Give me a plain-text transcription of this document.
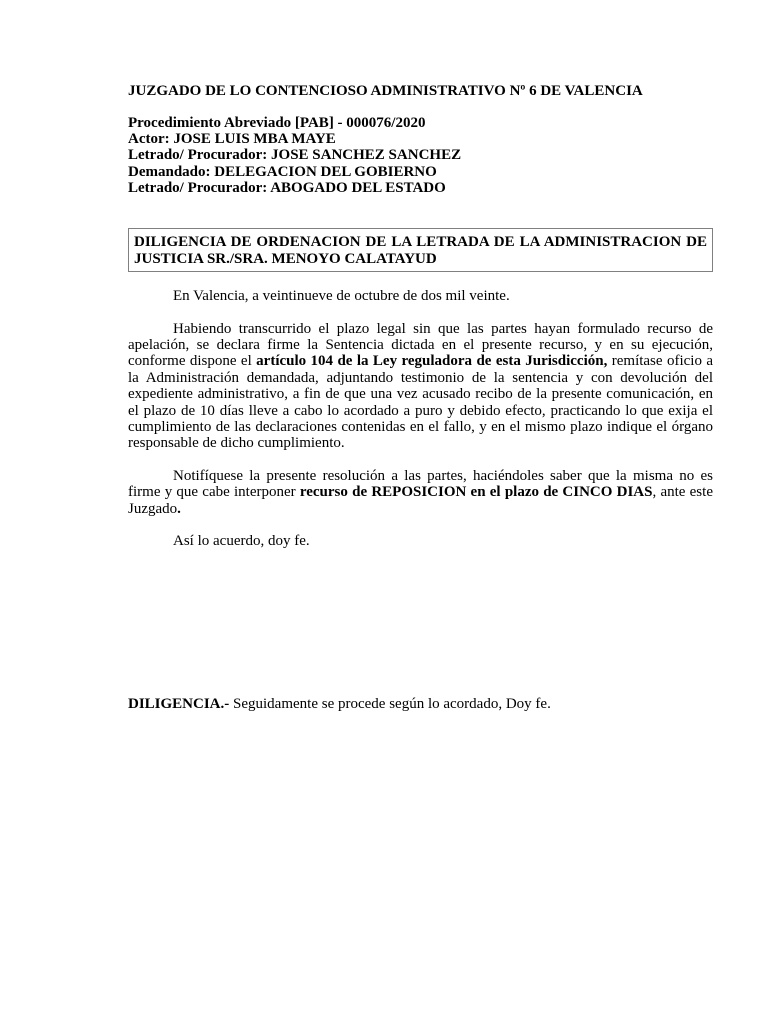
JUZGADO DE LO CONTENCIOSO ADMINISTRATIVO Nº 6 DE VALENCIA

Procedimiento Abreviado [PAB] - 000076/2020

Actor: JOSE LUIS MBA MAYE

Letrado/ Procurador: JOSE SANCHEZ SANCHEZ

Demandado: DELEGACION DEL GOBIERNO

Letrado/ Procurador: ABOGADO DEL ESTADO

DILIGENCIA DE ORDENACION DE LA LETRADA DE LA ADMINISTRACION DE JUSTICIA SR./SRA. MENOYO CALATAYUD

En Valencia, a veintinueve de octubre de dos mil veinte.

Habiendo transcurrido el plazo legal sin que las partes hayan formulado recurso de apelación, se declara firme la Sentencia dictada en el presente recurso, y en su ejecución, conforme dispone el artículo 104 de la Ley reguladora de esta Jurisdicción, remítase oficio a la Administración demandada, adjuntando testimonio de la sentencia y con devolución del expediente administrativo, a fin de que una vez acusado recibo de la presente comunicación, en el plazo de 10 días lleve a cabo lo acordado a puro y debido efecto, practicando lo que exija el cumplimiento de las declaraciones contenidas en el fallo, y en el mismo plazo indique el órgano responsable de dicho cumplimiento.

Notifíquese la presente resolución a las partes, haciéndoles saber que la misma no es firme y que cabe interponer recurso de REPOSICION en el plazo de CINCO DIAS, ante este Juzgado.

Así lo acuerdo, doy fe.

DILIGENCIA.- Seguidamente se procede según lo acordado, Doy fe.
